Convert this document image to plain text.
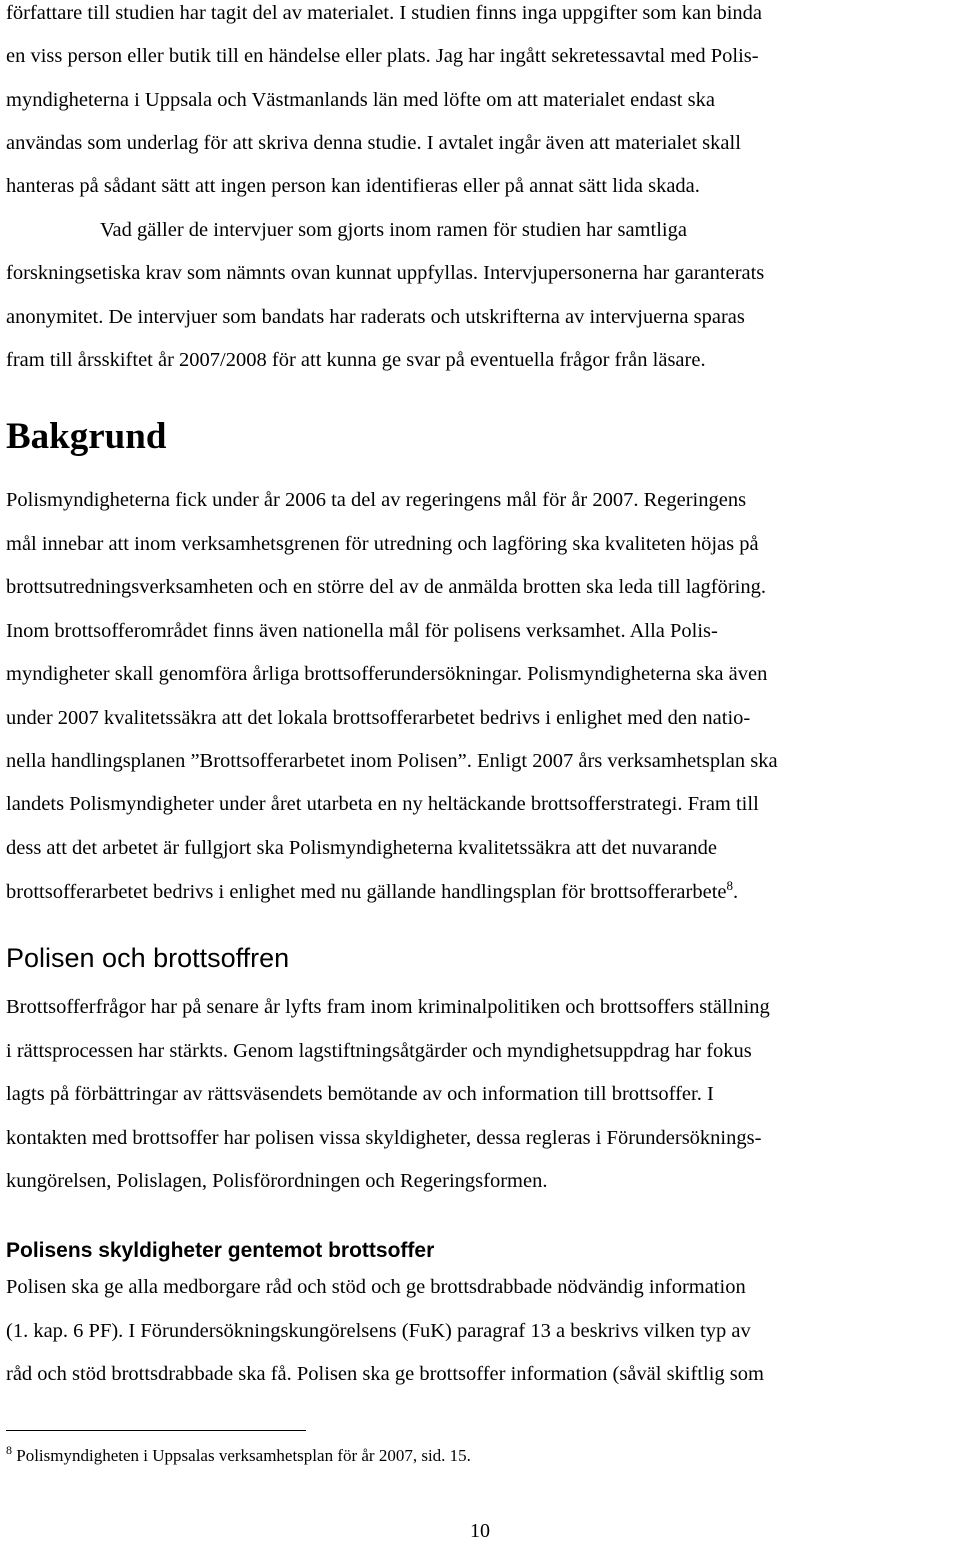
författare till studien har tagit del av materialet. I studien finns inga uppgifter som kan binda

en viss person eller butik till en händelse eller plats. Jag har ingått sekretessavtal med Polis-

myndigheterna i Uppsala och Västmanlands län med löfte om att materialet endast ska

användas som underlag för att skriva denna studie. I avtalet ingår även att materialet skall

hanteras på sådant sätt att ingen person kan identifieras eller på annat sätt lida skada.

Vad gäller de intervjuer som gjorts inom ramen för studien har samtliga

forskningsetiska krav som nämnts ovan kunnat uppfyllas. Intervjupersonerna har garanterats

anonymitet. De intervjuer som bandats har raderats och utskrifterna av intervjuerna sparas

fram till årsskiftet år 2007/2008 för att kunna ge svar på eventuella frågor från läsare.

Bakgrund

Polismyndigheterna fick under år 2006 ta del av regeringens mål för år 2007. Regeringens

mål innebar att inom verksamhetsgrenen för utredning och lagföring ska kvaliteten höjas på

brottsutredningsverksamheten och en större del av de anmälda brotten ska leda till lagföring.

Inom brottsofferområdet finns även nationella mål för polisens verksamhet. Alla Polis-

myndigheter skall genomföra årliga brottsofferundersökningar. Polismyndigheterna ska även

under 2007 kvalitetssäkra att det lokala brottsofferarbetet bedrivs i enlighet med den natio-

nella handlingsplanen ”Brottsofferarbetet inom Polisen”. Enligt 2007 års verksamhetsplan ska

landets Polismyndigheter under året utarbeta en ny heltäckande brottsofferstrategi. Fram till

dess att det arbetet är fullgjort ska Polismyndigheterna kvalitetssäkra att det nuvarande

brottsofferarbetet bedrivs i enlighet med nu gällande handlingsplan för brottsofferarbete$^8$.

Polisen och brottsoffren

Brottsofferfrågor har på senare år lyfts fram inom kriminalpolitiken och brottsoffers ställning

i rättsprocessen har stärkts. Genom lagstiftningsåtgärder och myndighetsuppdrag har fokus

lagts på förbättringar av rättsväsendets bemötande av och information till brottsoffer. I

kontakten med brottsoffer har polisen vissa skyldigheter, dessa regleras i Förundersöknings-

kungörelsen, Polislagen, Polisförordningen och Regeringsformen.

Polisens skyldigheter gentemot brottsoffer

Polisen ska ge alla medborgare råd och stöd och ge brottsdrabbade nödvändig information

(1. kap. 6 PF). I Förundersökningskungörelsens (FuK) paragraf 13 a beskrivs vilken typ av

råd och stöd brottsdrabbade ska få. Polisen ska ge brottsoffer information (såväl skiftlig som

$^8$ Polismyndigheten i Uppsalas verksamhetsplan för år 2007, sid. 15.

10
